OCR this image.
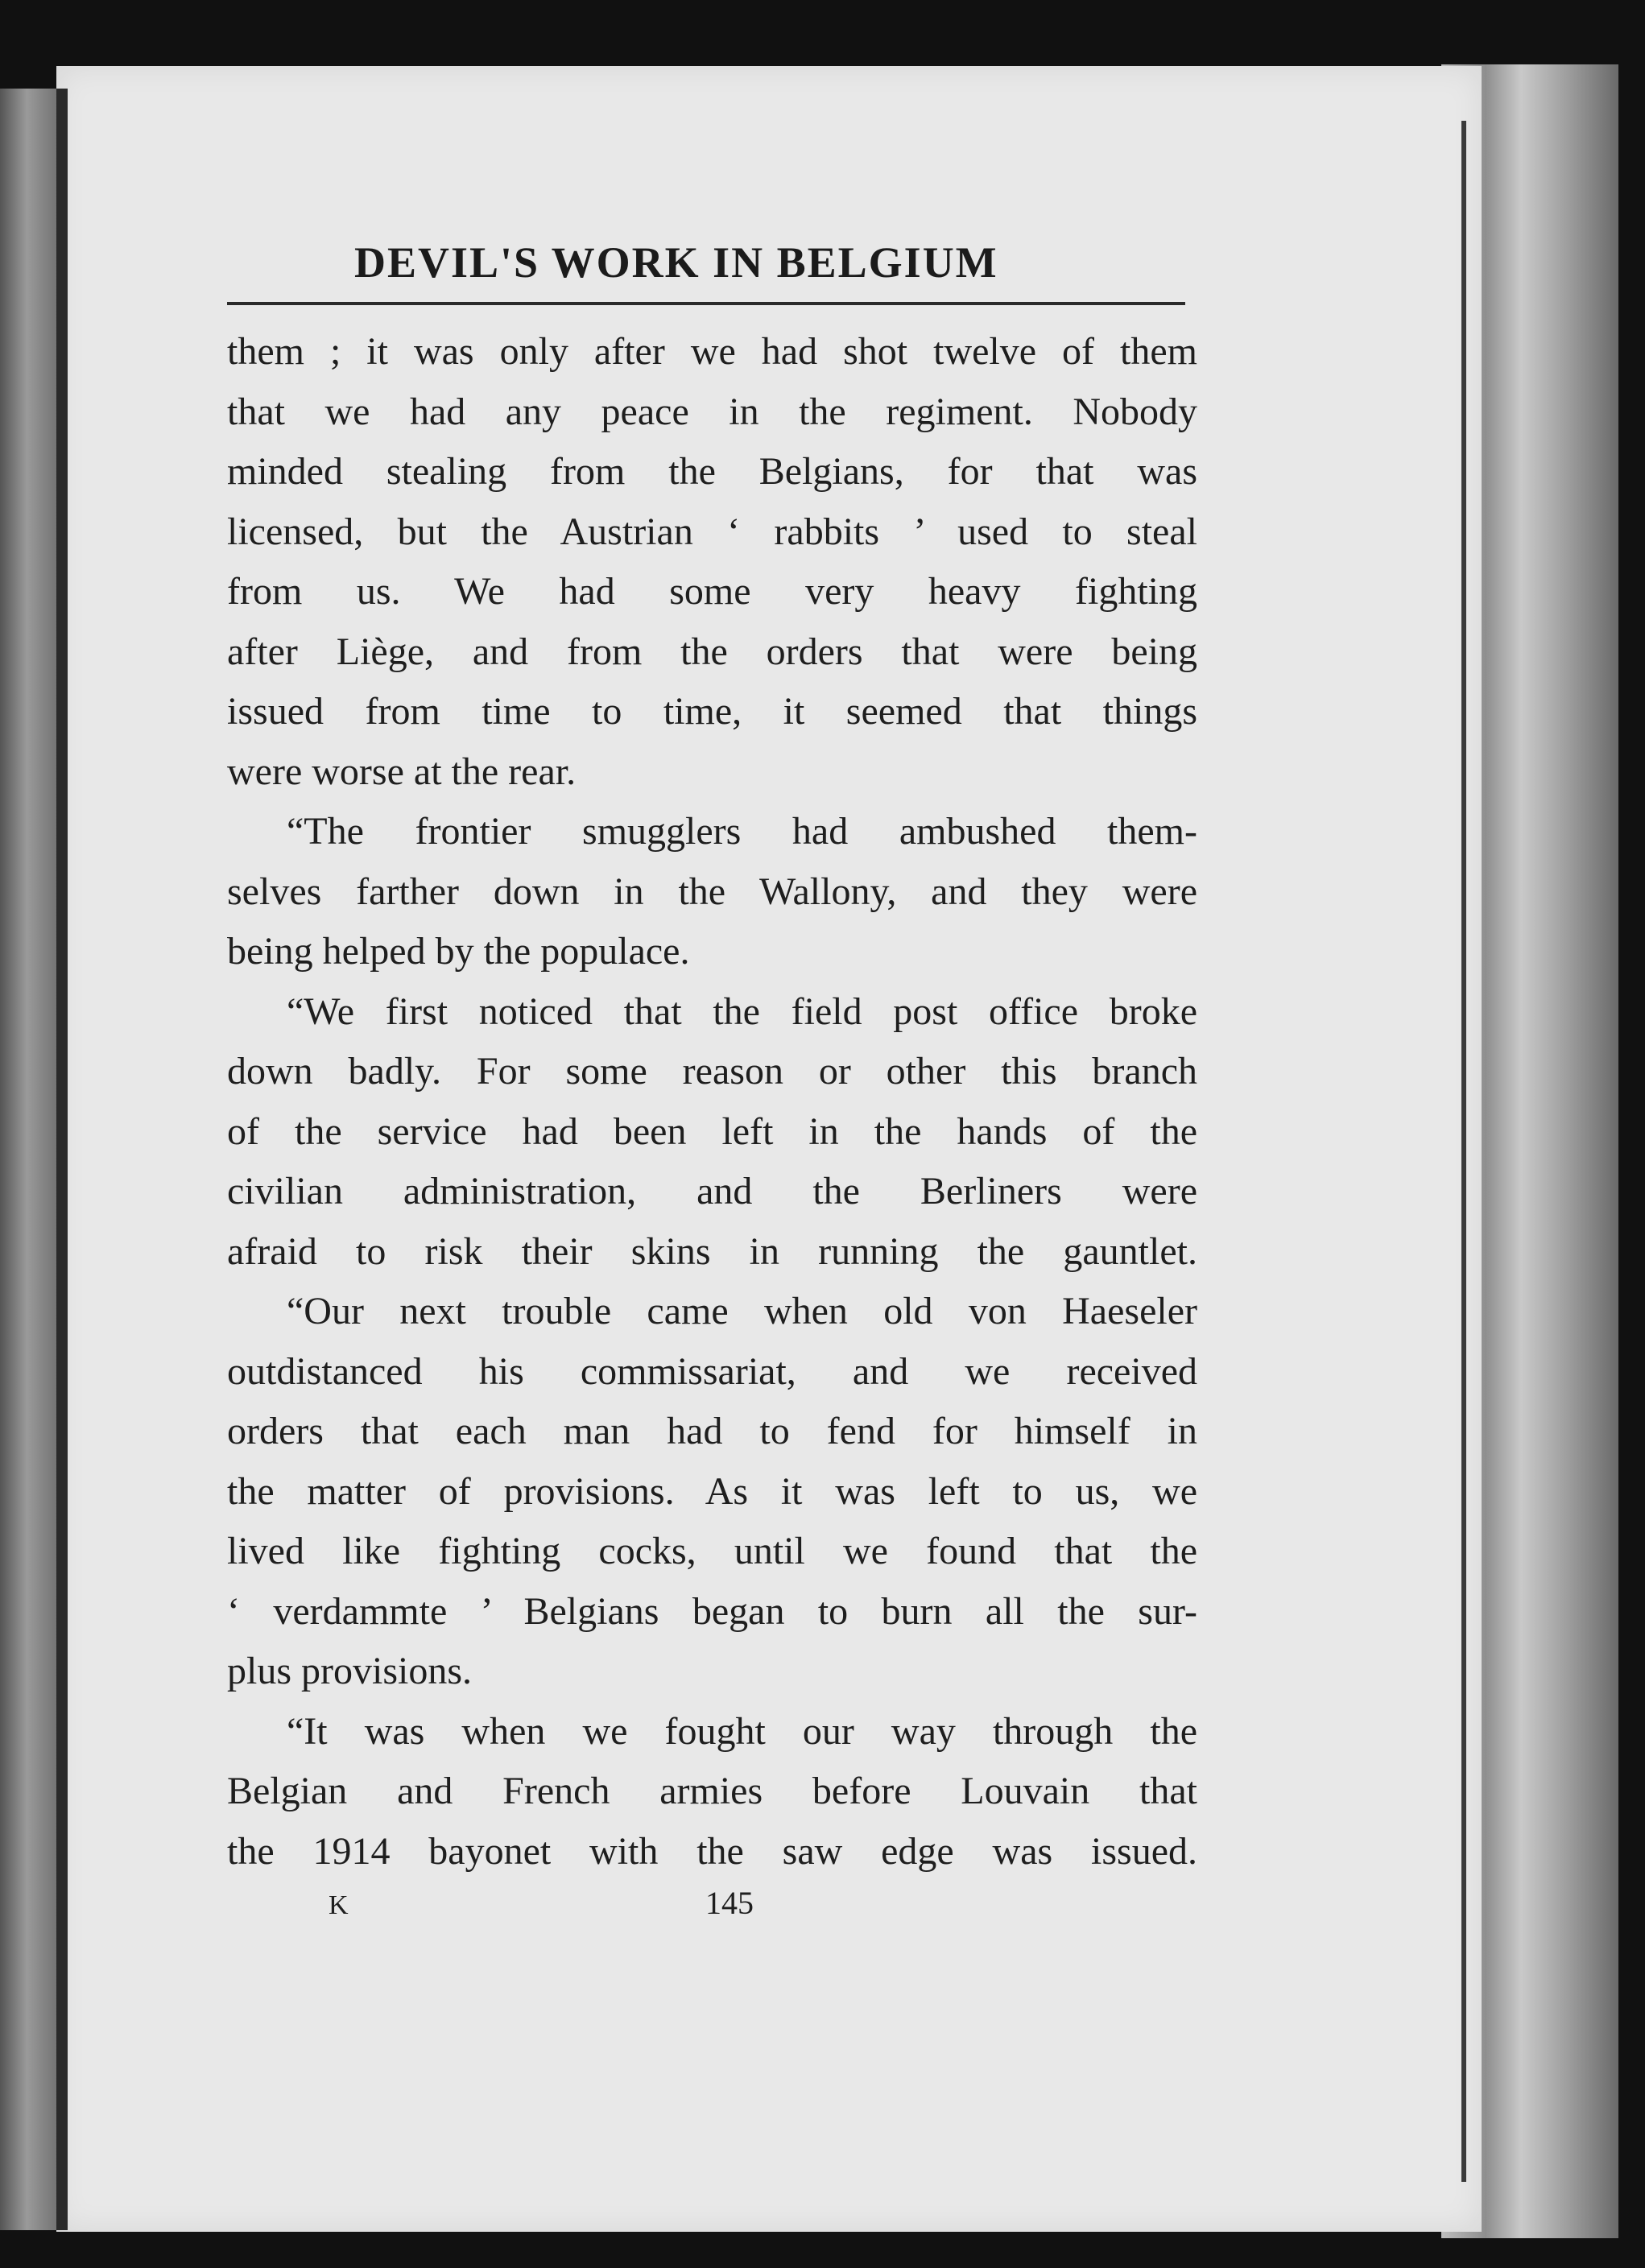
DEVIL'S WORK IN BELGIUM
them ; it was only after we had shot twelve of them
that we had any peace in the regiment. Nobody
minded stealing from the Belgians, for that was
licensed, but the Austrian ‘ rabbits ’ used to steal
from us. We had some very heavy fighting
after Liège, and from the orders that were being
issued from time to time, it seemed that things
were worse at the rear.
“The frontier smugglers had ambushed them-
selves farther down in the Wallony, and they were
being helped by the populace.
“We first noticed that the field post office broke
down badly. For some reason or other this branch
of the service had been left in the hands of the
civilian administration, and the Berliners were
afraid to risk their skins in running the gauntlet.
“Our next trouble came when old von Haeseler
outdistanced his commissariat, and we received
orders that each man had to fend for himself in
the matter of provisions. As it was left to us, we
lived like fighting cocks, until we found that the
‘ verdammte ’ Belgians began to burn all the sur-
plus provisions.
“It was when we fought our way through the
Belgian and French armies before Louvain that
the 1914 bayonet with the saw edge was issued.
K	145
